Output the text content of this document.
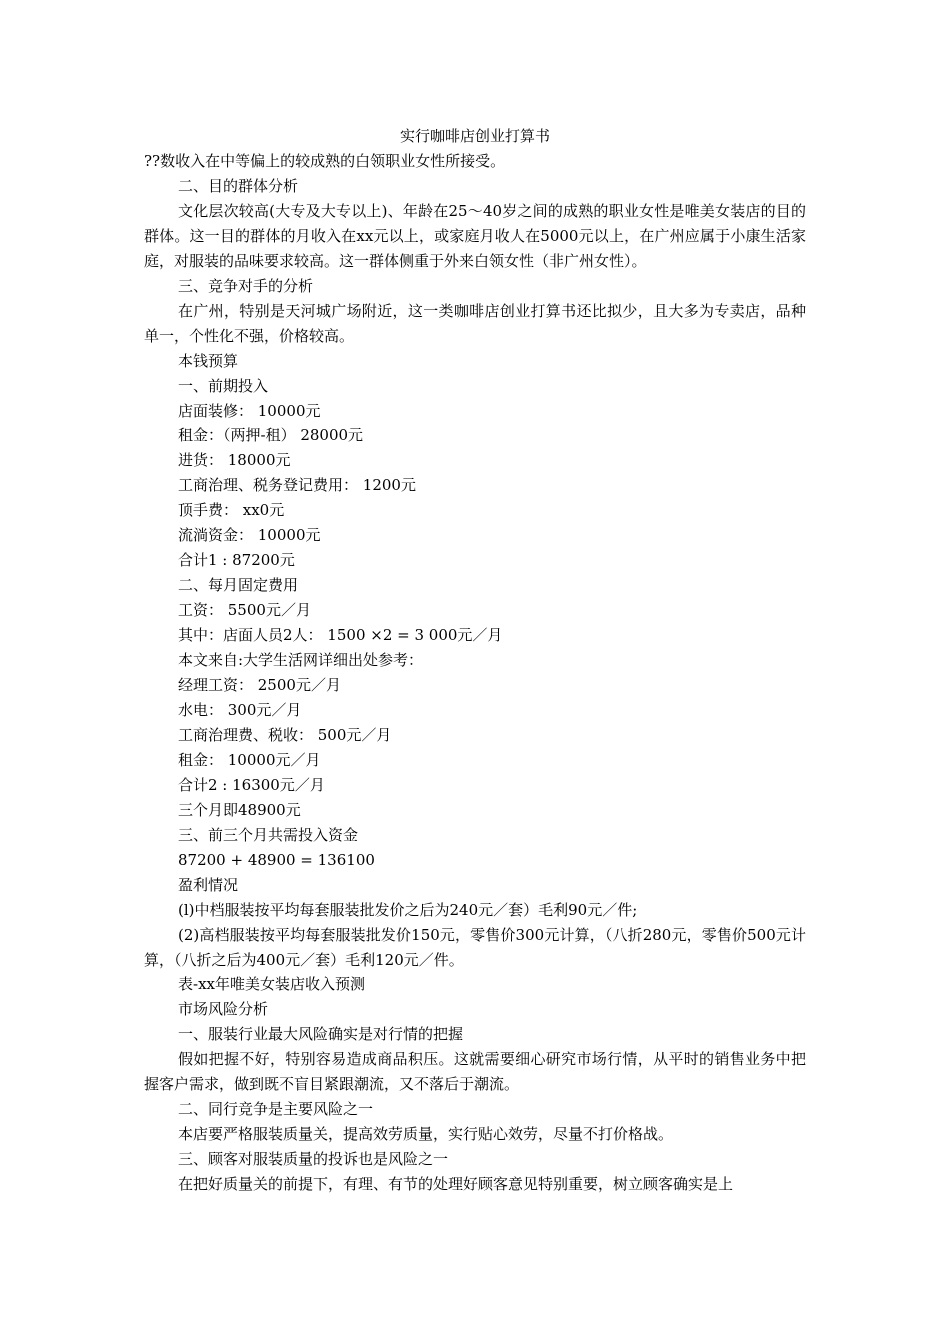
实行咖啡店创业打算书

??数收入在中等偏上的较成熟的白领职业女性所接受。

二、目的群体分析

文化层次较高(大专及大专以上)、年龄在25～40岁之间的成熟的职业女性是唯美女装店的目的群体。这一目的群体的月收入在xx元以上，或家庭月收人在5000元以上，在广州应属于小康生活家庭，对服装的品味要求较高。这一群体侧重于外来白领女性（非广州女性）。

三、竞争对手的分析

在广州，特别是天河城广场附近，这一类咖啡店创业打算书还比拟少，且大多为专卖店，品种单一，个性化不强，价格较高。

本钱预算

一、前期投入

店面装修： 10000元

租金：（两押-租） 28000元

进货： 18000元

工商治理、税务登记费用： 1200元

顶手费： xx0元

流淌资金： 10000元

合计1 : 87200元

二、每月固定费用

工资： 5500元／月

其中：店面人员2人： 1500 ×2 = 3 000元／月

本文来自:大学生活网详细出处参考：

经理工资： 2500元／月

水电： 300元／月

工商治理费、税收： 500元／月

租金： 10000元／月

合计2 : 16300元／月

三个月即48900元

三、前三个月共需投入资金

87200 + 48900 = 136100

盈利情况

(l)中档服装按平均每套服装批发价之后为240元／套）毛利90元／件;

(2)高档服装按平均每套服装批发价150元，零售价300元计算，（八折280元，零售价500元计算，（八折之后为400元／套）毛利120元／件。

表-xx年唯美女装店收入预测

市场风险分析

一、服装行业最大风险确实是对行情的把握

假如把握不好，特别容易造成商品积压。这就需要细心研究市场行情，从平时的销售业务中把握客户需求，做到既不盲目紧跟潮流，又不落后于潮流。

二、同行竞争是主要风险之一

本店要严格服装质量关，提高效劳质量，实行贴心效劳，尽量不打价格战。

三、顾客对服装质量的投诉也是风险之一

在把好质量关的前提下，有理、有节的处理好顾客意见特别重要，树立顾客确实是上
